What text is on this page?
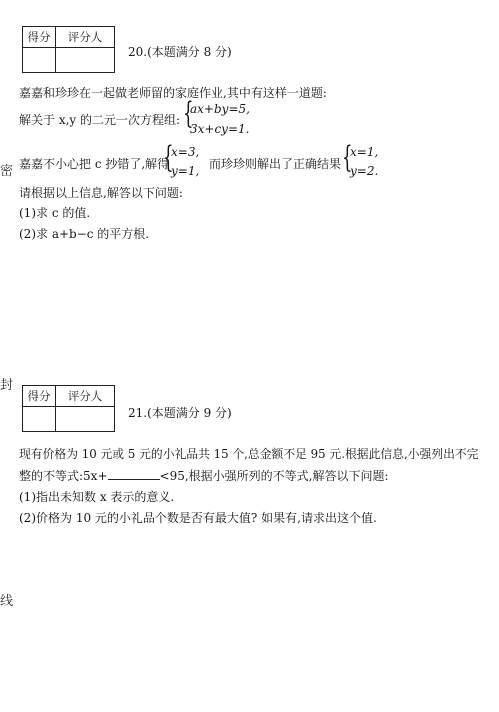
密
封
线
得分	评分人

20.(本题满分 8 分)
嘉嘉和珍珍在一起做老师留的家庭作业,其中有这样一道题:
解关于 x,y 的二元一次方程组: {
ax+by=5,
3x+cy=1.
嘉嘉不小心把 c 抄错了,解得
{
x=3,
y=1, 而珍珍则解出了正确结果 {
x=1,
y=2.
请根据以上信息,解答以下问题:
(1)求 c 的值.
(2)求 a+b−c 的平方根.
得分	评分人

21.(本题满分 9 分)
现有价格为 10 元或 5 元的小礼品共 15 个,总金额不足 95 元.根据此信息,小强列出不完
整的不等式:5x+	<95,根据小强所列的不等式,解答以下问题:
(1)指出未知数 x 表示的意义.
(2)价格为 10 元的小礼品个数是否有最大值? 如果有,请求出这个值.
